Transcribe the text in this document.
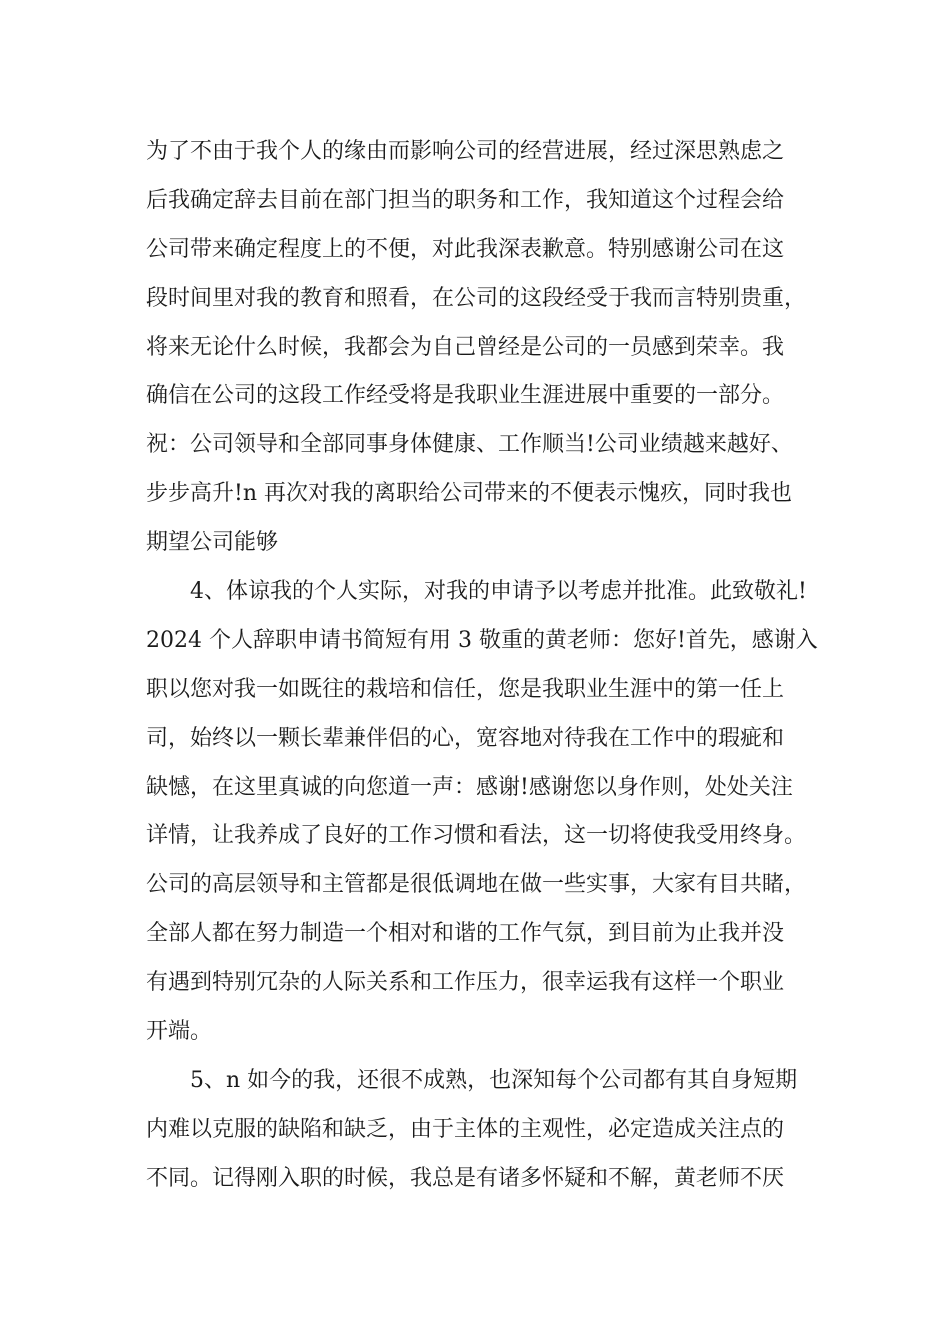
为了不由于我个人的缘由而影响公司的经营进展，经过深思熟虑之
后我确定辞去目前在部门担当的职务和工作，我知道这个过程会给
公司带来确定程度上的不便，对此我深表歉意。特别感谢公司在这
段时间里对我的教育和照看，在公司的这段经受于我而言特别贵重，
将来无论什么时候，我都会为自己曾经是公司的一员感到荣幸。我
确信在公司的这段工作经受将是我职业生涯进展中重要的一部分。
祝：公司领导和全部同事身体健康、工作顺当!公司业绩越来越好、
步步高升!n 再次对我的离职给公司带来的不便表示愧疚，同时我也
期望公司能够
4、体谅我的个人实际，对我的申请予以考虑并批准。此致敬礼!
2024 个人辞职申请书简短有用 3 敬重的黄老师：您好!首先，感谢入
职以您对我一如既往的栽培和信任，您是我职业生涯中的第一任上
司，始终以一颗长辈兼伴侣的心，宽容地对待我在工作中的瑕疵和
缺憾，在这里真诚的向您道一声：感谢!感谢您以身作则，处处关注
详情，让我养成了良好的工作习惯和看法，这一切将使我受用终身。
公司的高层领导和主管都是很低调地在做一些实事，大家有目共睹，
全部人都在努力制造一个相对和谐的工作气氛，到目前为止我并没
有遇到特别冗杂的人际关系和工作压力，很幸运我有这样一个职业
开端。
5、n 如今的我，还很不成熟，也深知每个公司都有其自身短期
内难以克服的缺陷和缺乏，由于主体的主观性，必定造成关注点的
不同。记得刚入职的时候，我总是有诸多怀疑和不解，黄老师不厌
